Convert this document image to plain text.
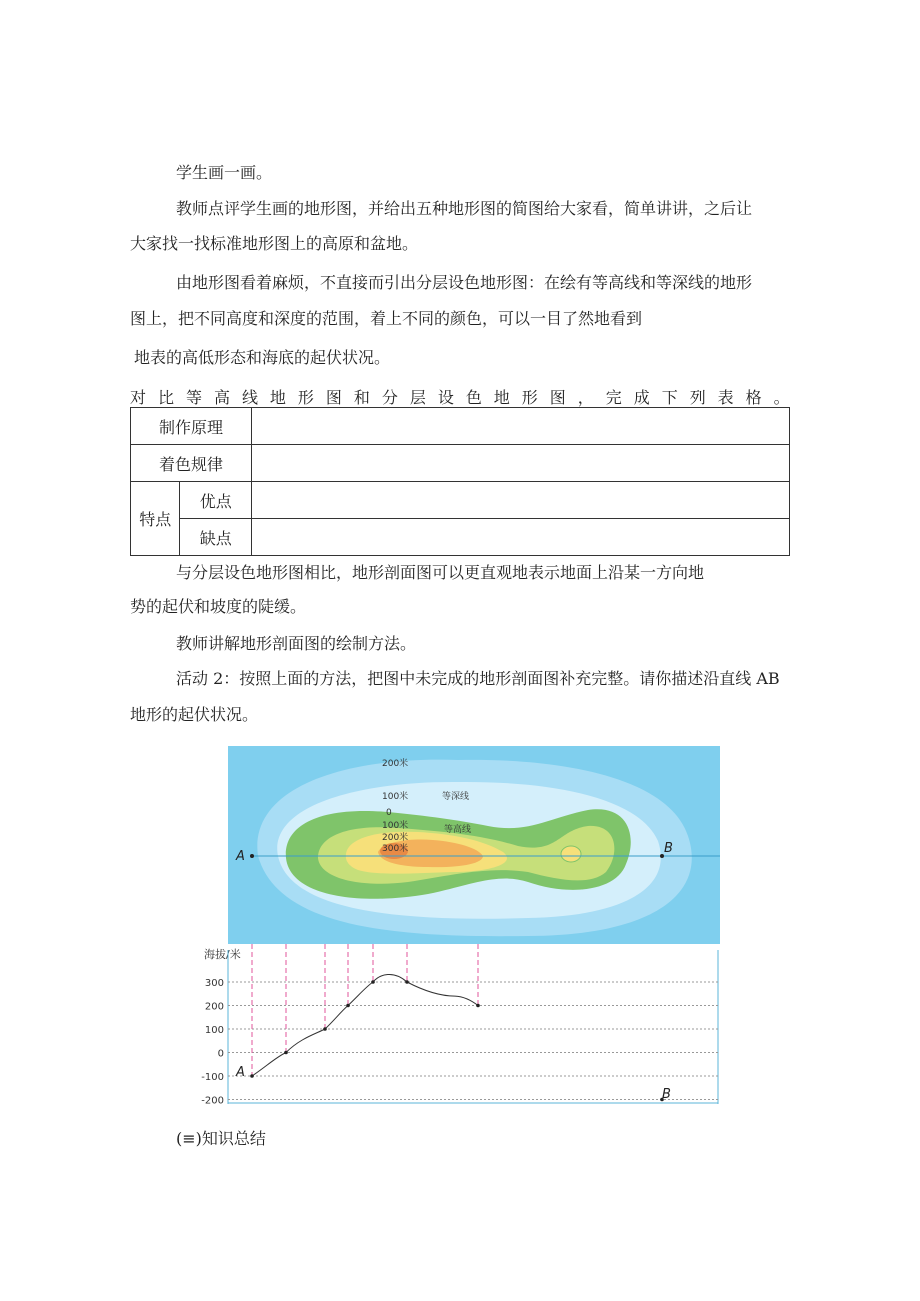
学生画一画。
教师点评学生画的地形图，并给出五种地形图的简图给大家看，简单讲讲，之后让
大家找一找标准地形图上的高原和盆地。
由地形图看着麻烦，不直接而引出分层设色地形图：在绘有等高线和等深线的地形
图上，把不同高度和深度的范围，着上不同的颜色，可以一目了然地看到
地表的高低形态和海底的起伏状况。
对 比 等 高 线 地 形 图 和 分 层 设 色 地 形 图 ， 完 成 下 列 表 格 。
制作原理		
着色规律		
特点	优点	
	缺点	
与分层设色地形图相比，地形剖面图可以更直观地表示地面上沿某一方向地
势的起伏和坡度的陡缓。
教师讲解地形剖面图的绘制方法。
活动 2：按照上面的方法，把图中未完成的地形剖面图补充完整。请你描述沿直线 AB
地形的起伏状况。
A
B
200米
100米	等深线
0
100米
200米
300米
等高线
海拔/米
300
200
100
0
-100
-200
A
B
(≡)知识总结
